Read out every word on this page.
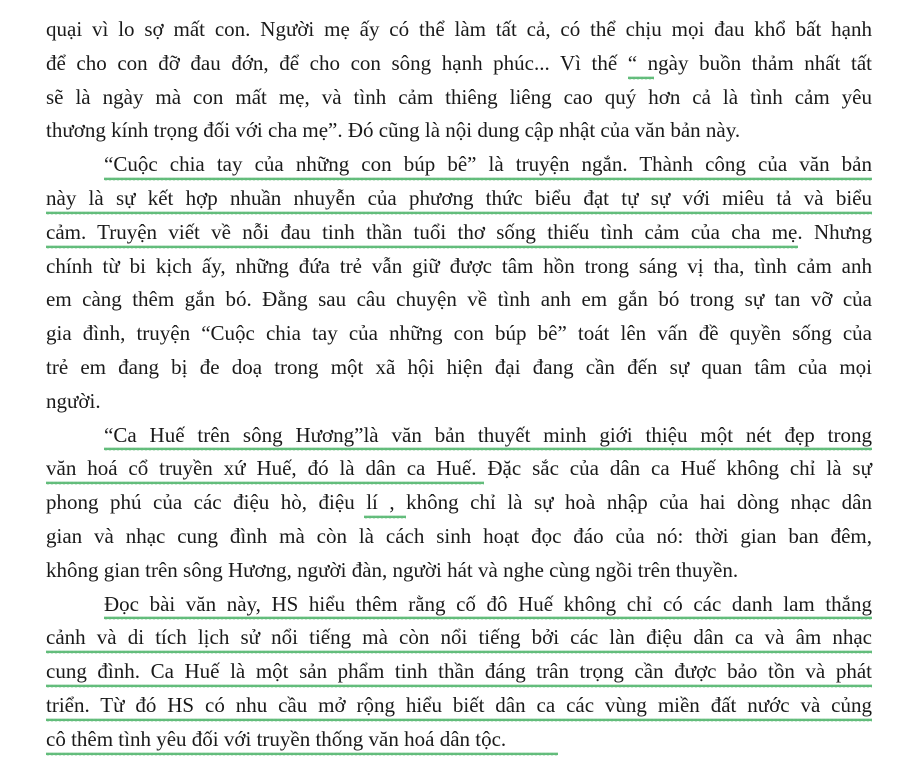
quại vì lo sợ mất con. Người mẹ ấy có thể làm tất cả, có thể chịu mọi đau khổ bất hạnh
để cho con đỡ đau đớn, để cho con sông hạnh phúc... Vì thế “ ngày buồn thảm nhất tất
sẽ là ngày mà con mất mẹ, và tình cảm thiêng liêng cao quý hơn cả là tình cảm yêu
thương kính trọng đối với cha mẹ”. Đó cũng là nội dung cập nhật của văn bản này.
“Cuộc chia tay của những con búp bê” là truyện ngắn. Thành công của văn bản
này là sự kết hợp nhuần nhuyễn của phương thức biểu đạt tự sự với miêu tả và biểu
cảm. Truyện viết về nỗi đau tinh thần tuổi thơ sống thiếu tình cảm của cha mẹ. Nhưng
chính từ bi kịch ấy, những đứa trẻ vẫn giữ được tâm hồn trong sáng vị tha, tình cảm anh
em càng thêm gắn bó. Đằng sau câu chuyện về tình anh em gắn bó trong sự tan vỡ của
gia đình, truyện “Cuộc chia tay của những con búp bê” toát lên vấn đề quyền sống của
trẻ em đang bị đe doạ trong một xã hội hiện đại đang cần đến sự quan tâm của mọi
người.
“Ca Huế trên sông Hương”là văn bản thuyết minh giới thiệu một nét đẹp trong
văn hoá cổ truyền xứ Huế, đó là dân ca Huế. Đặc sắc của dân ca Huế không chỉ là sự
phong phú của các điệu hò, điệu lí , không chỉ là sự hoà nhập của hai dòng nhạc dân
gian và nhạc cung đình mà còn là cách sinh hoạt đọc đáo của nó: thời gian ban đêm,
không gian trên sông Hương, người đàn, người hát và nghe cùng ngồi trên thuyền.
Đọc bài văn này, HS hiểu thêm rằng cố đô Huế không chỉ có các danh lam thắng
cảnh và di tích lịch sử nổi tiếng mà còn nổi tiếng bởi các làn điệu dân ca và âm nhạc
cung đình. Ca Huế là một sản phẩm tinh thần đáng trân trọng cần được bảo tồn và phát
triển. Từ đó HS có nhu cầu mở rộng hiểu biết dân ca các vùng miền đất nước và củng
cô thêm tình yêu đối với truyền thống văn hoá dân tộc.
